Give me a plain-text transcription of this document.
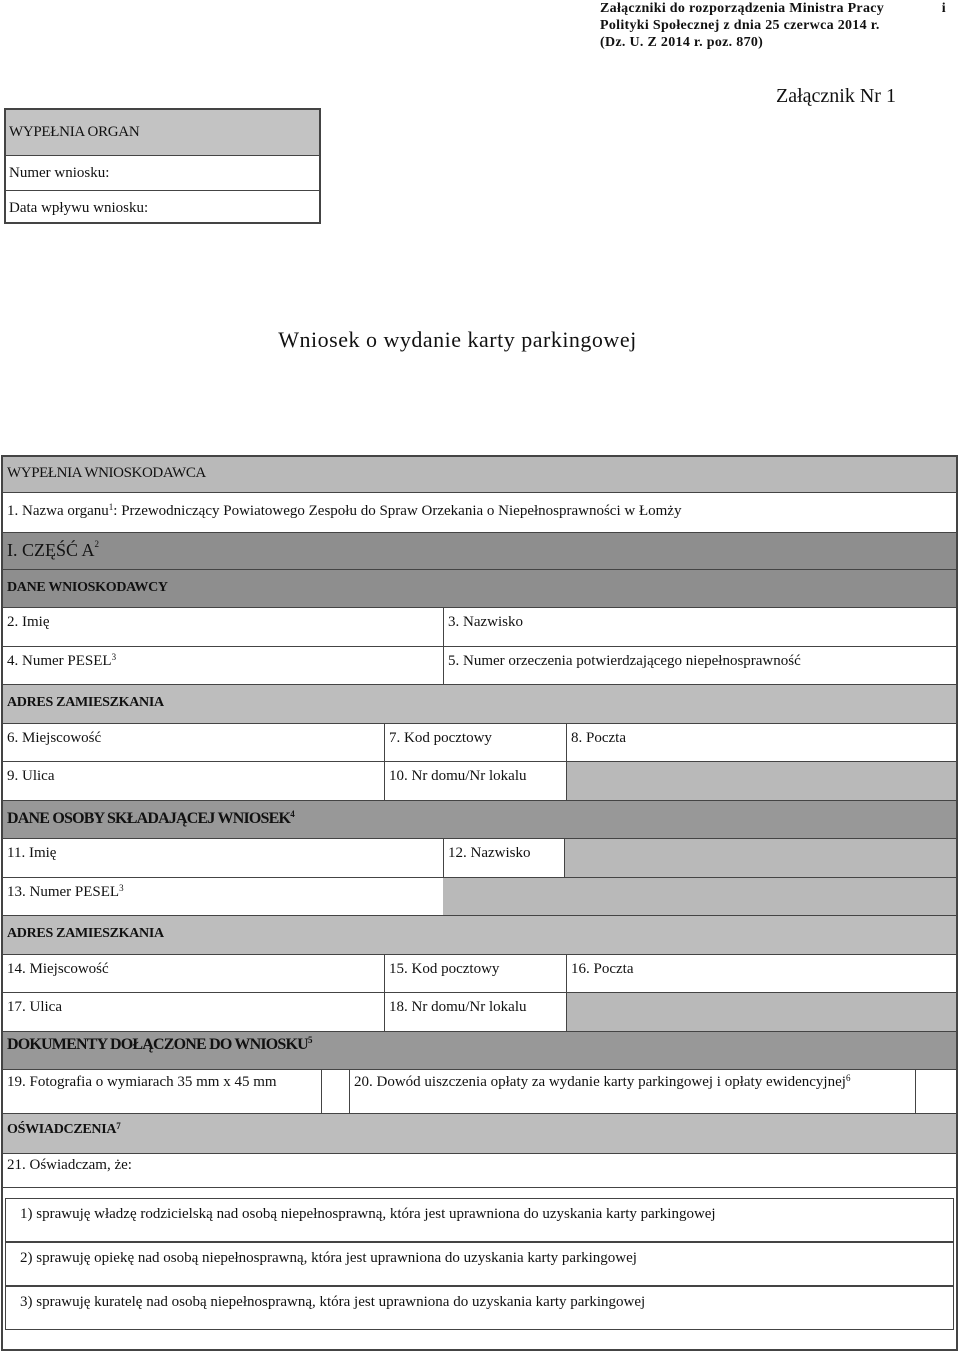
Załączniki do rozporządzenia Ministra Pracy	i
Polityki Społecznej z dnia 25 czerwca 2014 r.
(Dz. U. Z 2014 r. poz. 870)
Załącznik Nr 1
WYPEŁNIA ORGAN
Numer wniosku:
Data wpływu wniosku:
Wniosek o wydanie karty parkingowej
WYPEŁNIA WNIOSKODAWCA
1. Nazwa organu$^1$: Przewodniczący Powiatowego Zespołu do Spraw Orzekania o Niepełnosprawności w Łomży
I. CZĘŚĆ $A^2$
DANE WNIOSKODAWCY
2. Imię	3. Nazwisko
4. Numer PESEL$^3$	5. Numer orzeczenia potwierdzającego niepełnosprawność
ADRES ZAMIESZKANIA
6. Miejscowość	7. Kod pocztowy	8. Poczta
9. Ulica	10. Nr domu/Nr lokalu
DANE OSOBY SKŁADAJĄCEJ WNIOSEK$^4$
11. Imię	12. Nazwisko
13. Numer PESEL$^3$
ADRES ZAMIESZKANIA
14. Miejscowość	15. Kod pocztowy	16. Poczta
17. Ulica	18. Nr domu/Nr lokalu
DOKUMENTY DOŁĄCZONE DO WNIOSKU$^5$
19. Fotografia o wymiarach 35 mm x 45 mm	20. Dowód uiszczenia opłaty za wydanie karty parkingowej i opłaty ewidencyjnej$^6$
OŚWIADCZENIA$^7$
21. Oświadczam, że:
1) sprawuję władzę rodzicielską nad osobą niepełnosprawną, która jest uprawniona do uzyskania karty parkingowej
2) sprawuję opiekę nad osobą niepełnosprawną, która jest uprawniona do uzyskania karty parkingowej
3) sprawuję kuratelę nad osobą niepełnosprawną, która jest uprawniona do uzyskania karty parkingowej
